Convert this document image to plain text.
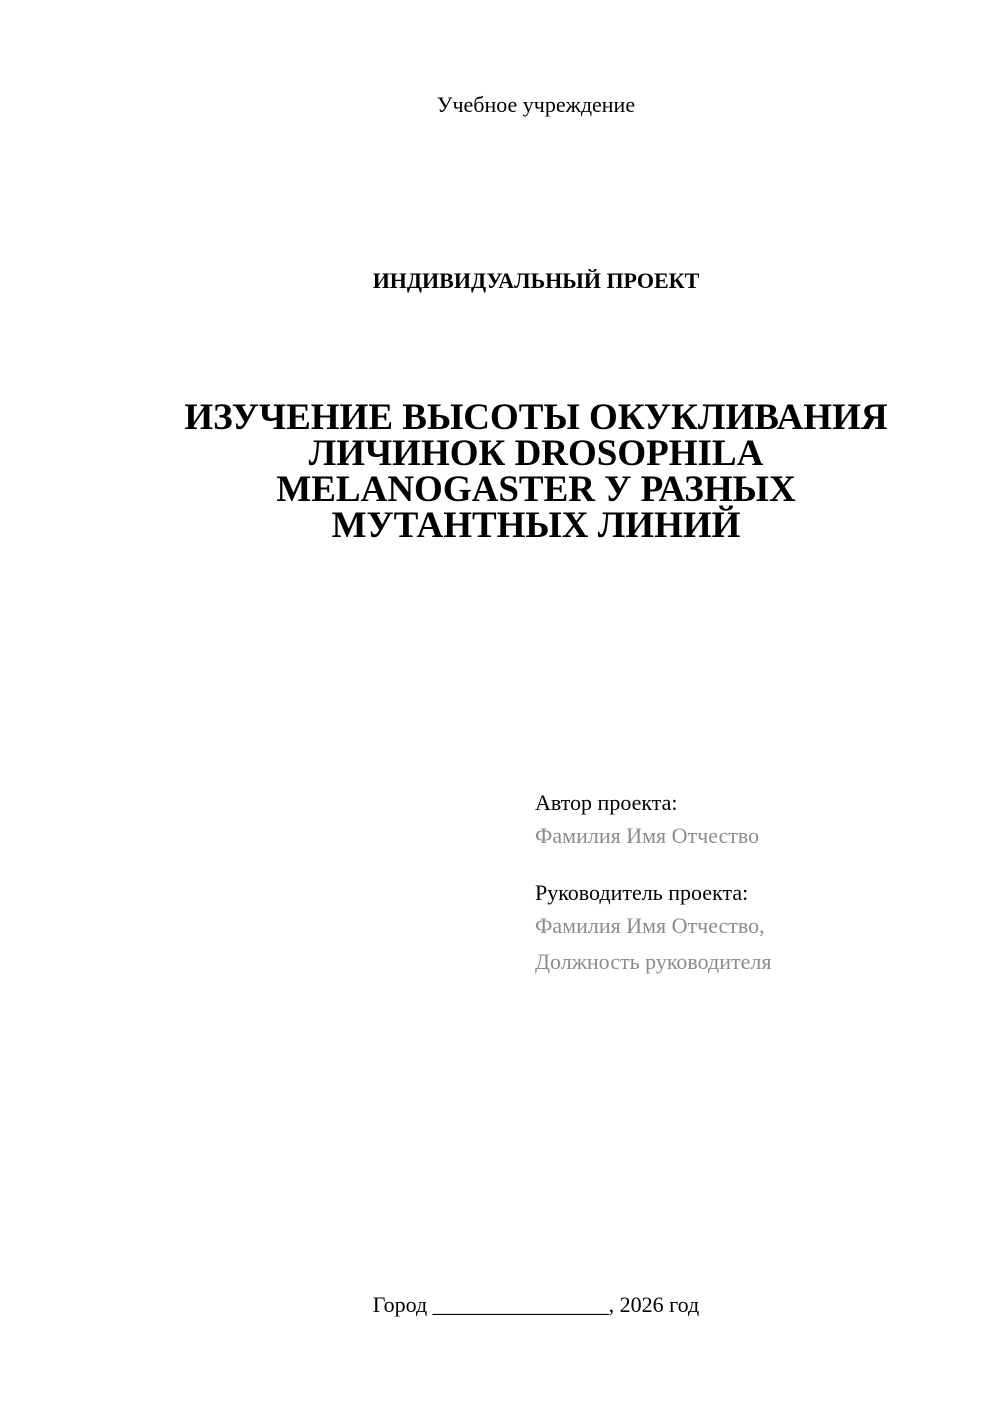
Учебное учреждение
ИНДИВИДУАЛЬНЫЙ ПРОЕКТ
ИЗУЧЕНИЕ ВЫСОТЫ ОКУКЛИВАНИЯ
ЛИЧИНОК DROSOPHILA
MELANOGASTER У РАЗНЫХ
МУТАНТНЫХ ЛИНИЙ
Автор проекта:
Фамилия Имя Отчество
Руководитель проекта:
Фамилия Имя Отчество,
Должность руководителя
Город ________________, 2026 год
